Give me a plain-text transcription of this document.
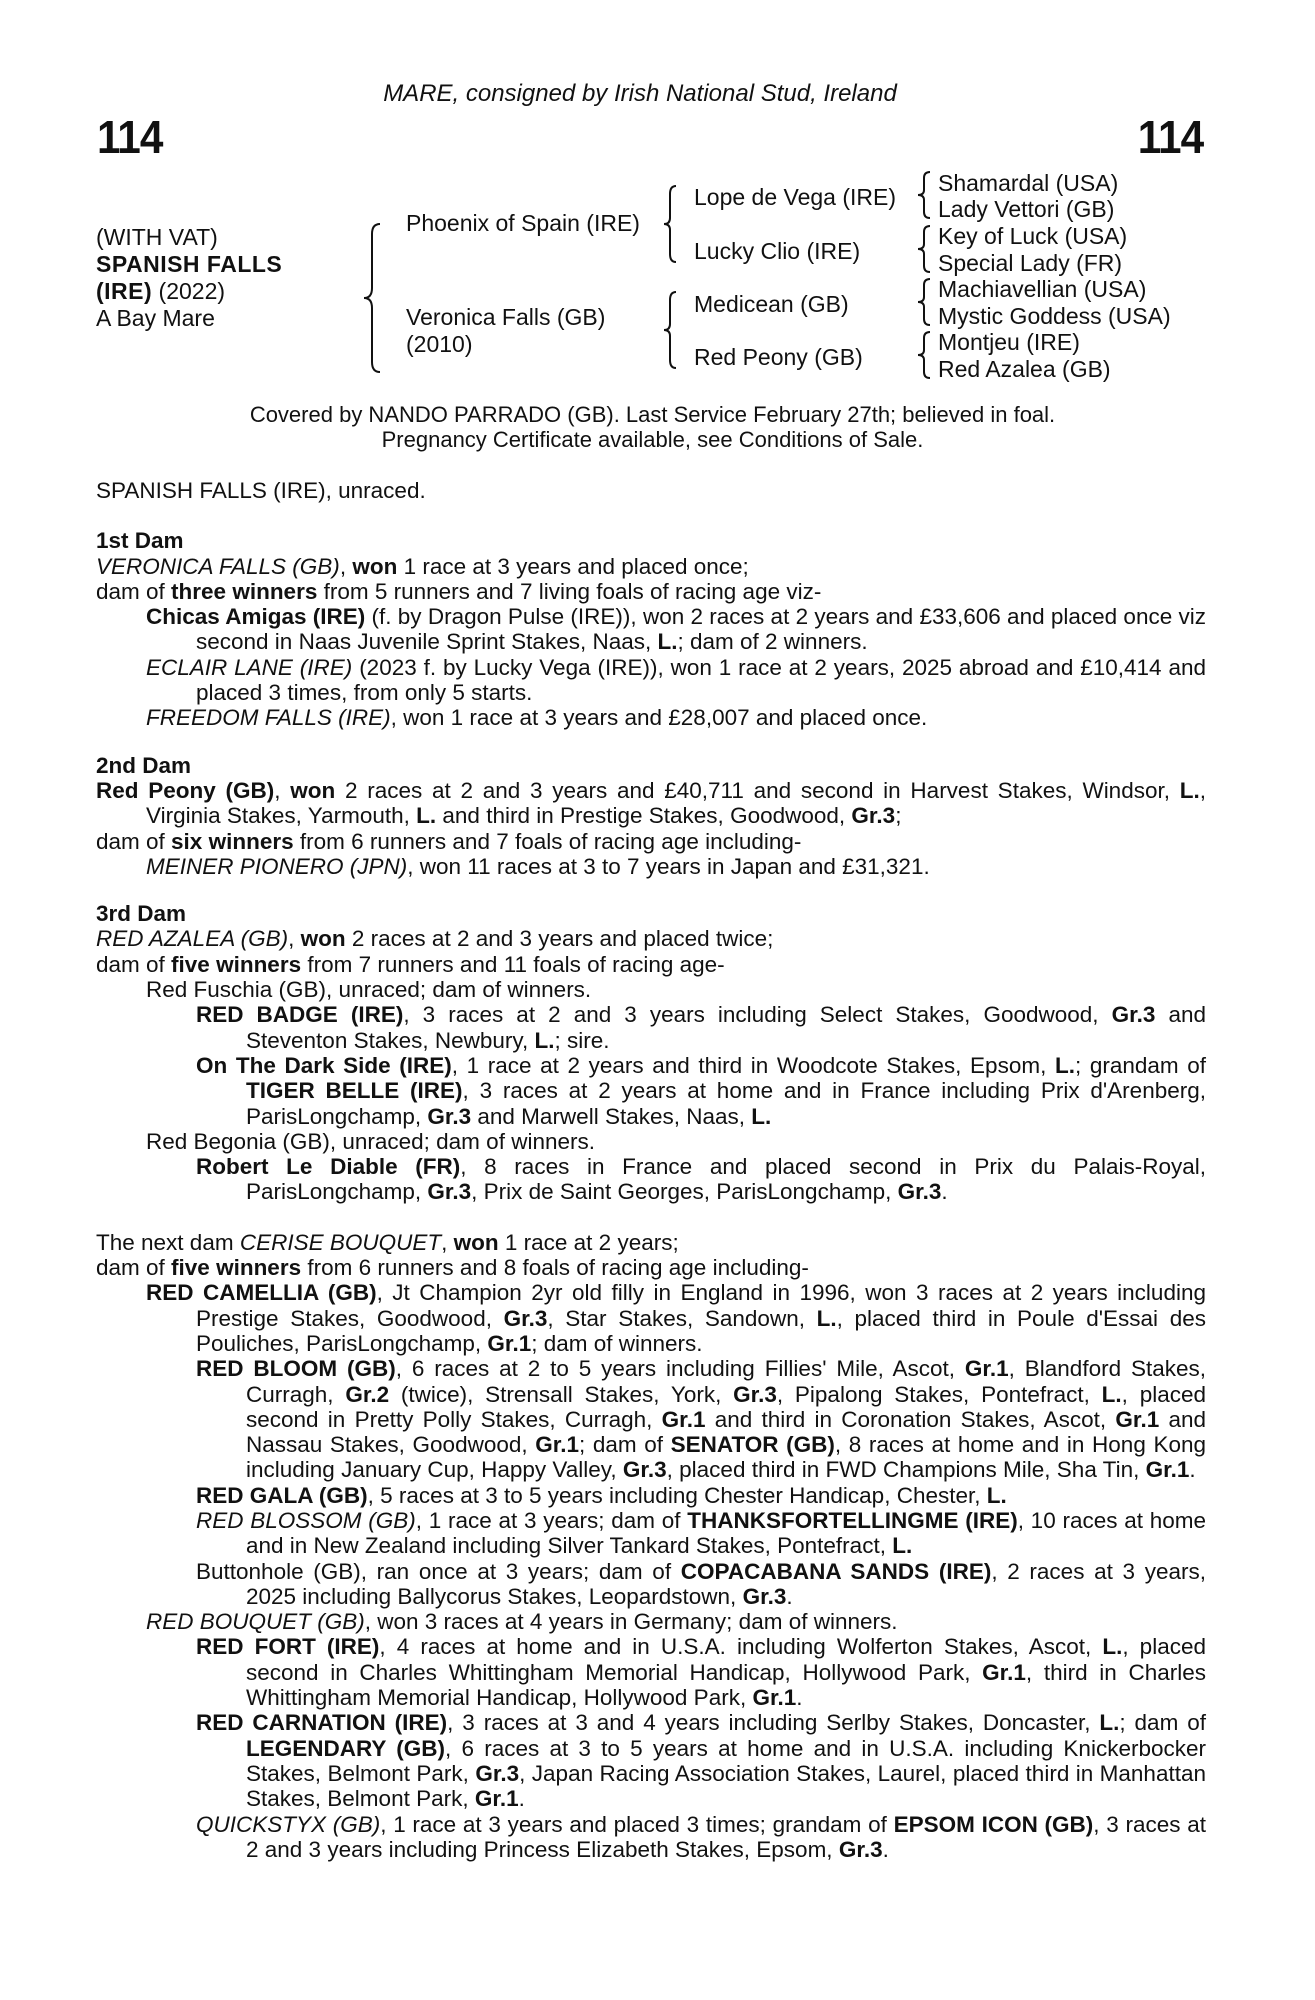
MARE, consigned by Irish National Stud, Ireland
114	114
(WITH VAT)
SPANISH FALLS
(IRE) (2022)
A Bay Mare
Phoenix of Spain (IRE)
Veronica Falls (GB)
(2010)
Lope de Vega (IRE)
Lucky Clio (IRE)
Medicean (GB)
Red Peony (GB)
Shamardal (USA)
Lady Vettori (GB)
Key of Luck (USA)
Special Lady (FR)
Machiavellian (USA)
Mystic Goddess (USA)
Montjeu (IRE)
Red Azalea (GB)
Covered by NANDO PARRADO (GB). Last Service February 27th; believed in foal.
Pregnancy Certificate available, see Conditions of Sale.

SPANISH FALLS (IRE), unraced.

1st Dam

VERONICA FALLS (GB), won 1 race at 3 years and placed once;

dam of three winners from 5 runners and 7 living foals of racing age viz-

Chicas Amigas (IRE) (f. by Dragon Pulse (IRE)), won 2 races at 2 years and £33,606 and placed once viz second in Naas Juvenile Sprint Stakes, Naas, L.; dam of 2 winners.

ECLAIR LANE (IRE) (2023 f. by Lucky Vega (IRE)), won 1 race at 2 years, 2025 abroad and £10,414 and placed 3 times, from only 5 starts.

FREEDOM FALLS (IRE), won 1 race at 3 years and £28,007 and placed once.

2nd Dam

Red Peony (GB), won 2 races at 2 and 3 years and £40,711 and second in Harvest Stakes, Windsor, L., Virginia Stakes, Yarmouth, L. and third in Prestige Stakes, Goodwood, Gr.3;

dam of six winners from 6 runners and 7 foals of racing age including-

MEINER PIONERO (JPN), won 11 races at 3 to 7 years in Japan and £31,321.

3rd Dam

RED AZALEA (GB), won 2 races at 2 and 3 years and placed twice;

dam of five winners from 7 runners and 11 foals of racing age-

Red Fuschia (GB), unraced; dam of winners.

RED BADGE (IRE), 3 races at 2 and 3 years including Select Stakes, Goodwood, Gr.3 and Steventon Stakes, Newbury, L.; sire.

On The Dark Side (IRE), 1 race at 2 years and third in Woodcote Stakes, Epsom, L.; grandam of TIGER BELLE (IRE), 3 races at 2 years at home and in France including Prix d'Arenberg, ParisLongchamp, Gr.3 and Marwell Stakes, Naas, L.

Red Begonia (GB), unraced; dam of winners.

Robert Le Diable (FR), 8 races in France and placed second in Prix du Palais-Royal, ParisLongchamp, Gr.3, Prix de Saint Georges, ParisLongchamp, Gr.3.

The next dam CERISE BOUQUET, won 1 race at 2 years;

dam of five winners from 6 runners and 8 foals of racing age including-

RED CAMELLIA (GB), Jt Champion 2yr old filly in England in 1996, won 3 races at 2 years including Prestige Stakes, Goodwood, Gr.3, Star Stakes, Sandown, L., placed third in Poule d'Essai des Pouliches, ParisLongchamp, Gr.1; dam of winners.

RED BLOOM (GB), 6 races at 2 to 5 years including Fillies' Mile, Ascot, Gr.1, Blandford Stakes, Curragh, Gr.2 (twice), Strensall Stakes, York, Gr.3, Pipalong Stakes, Pontefract, L., placed second in Pretty Polly Stakes, Curragh, Gr.1 and third in Coronation Stakes, Ascot, Gr.1 and Nassau Stakes, Goodwood, Gr.1; dam of SENATOR (GB), 8 races at home and in Hong Kong including January Cup, Happy Valley, Gr.3, placed third in FWD Champions Mile, Sha Tin, Gr.1.

RED GALA (GB), 5 races at 3 to 5 years including Chester Handicap, Chester, L.

RED BLOSSOM (GB), 1 race at 3 years; dam of THANKSFORTELLINGME (IRE), 10 races at home and in New Zealand including Silver Tankard Stakes, Pontefract, L.

Buttonhole (GB), ran once at 3 years; dam of COPACABANA SANDS (IRE), 2 races at 3 years, 2025 including Ballycorus Stakes, Leopardstown, Gr.3.

RED BOUQUET (GB), won 3 races at 4 years in Germany; dam of winners.

RED FORT (IRE), 4 races at home and in U.S.A. including Wolferton Stakes, Ascot, L., placed second in Charles Whittingham Memorial Handicap, Hollywood Park, Gr.1, third in Charles Whittingham Memorial Handicap, Hollywood Park, Gr.1.

RED CARNATION (IRE), 3 races at 3 and 4 years including Serlby Stakes, Doncaster, L.; dam of LEGENDARY (GB), 6 races at 3 to 5 years at home and in U.S.A. including Knickerbocker Stakes, Belmont Park, Gr.3, Japan Racing Association Stakes, Laurel, placed third in Manhattan Stakes, Belmont Park, Gr.1.

QUICKSTYX (GB), 1 race at 3 years and placed 3 times; grandam of EPSOM ICON (GB), 3 races at 2 and 3 years including Princess Elizabeth Stakes, Epsom, Gr.3.
